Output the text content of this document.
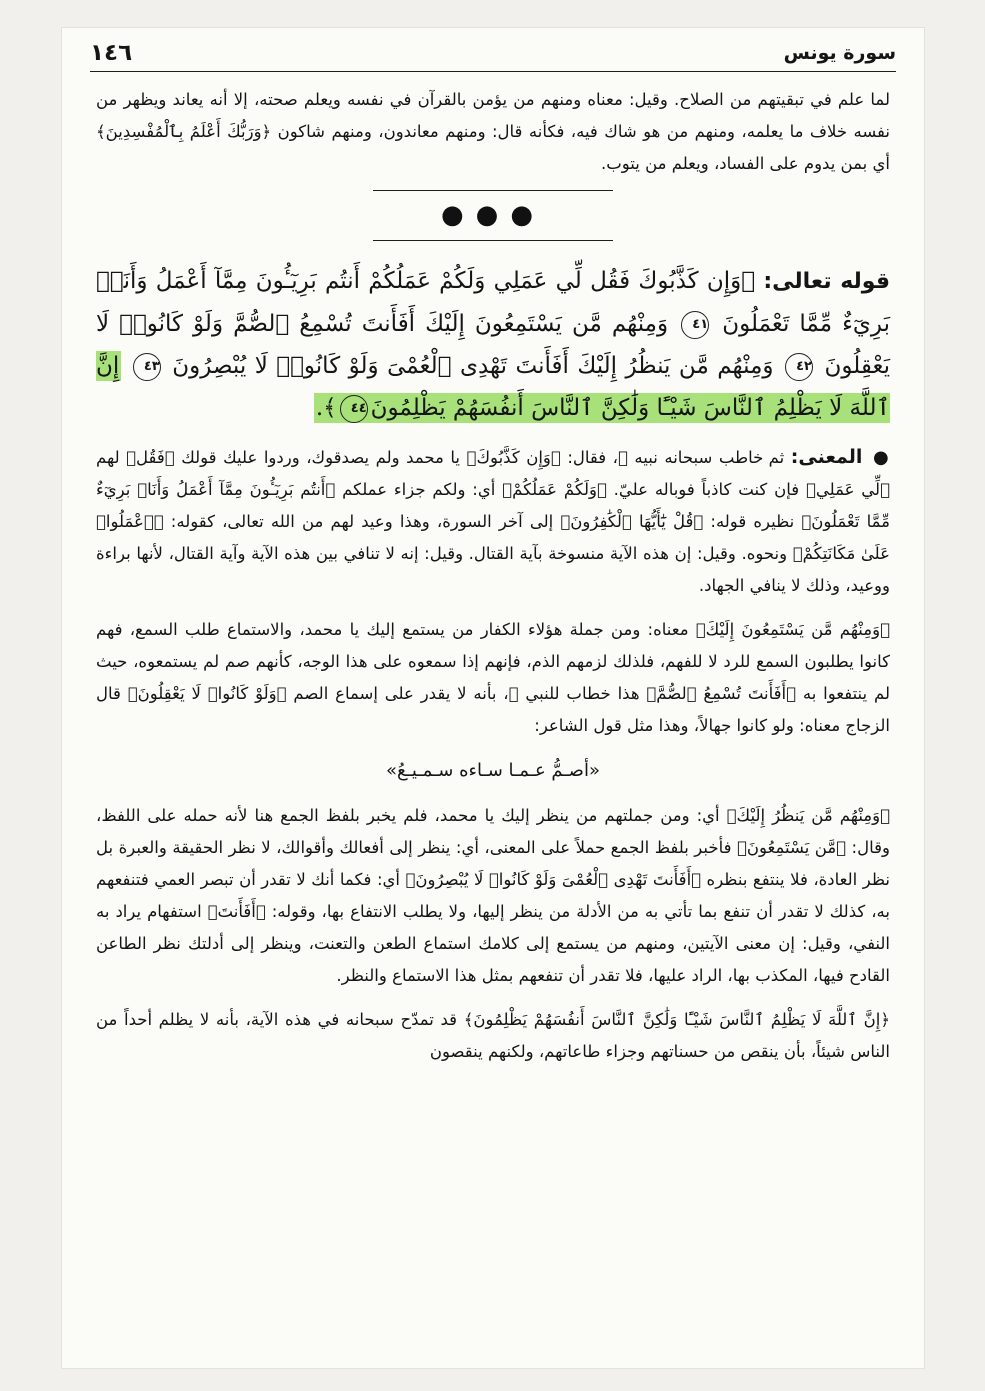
سورة يونس
١٤٦

لما علم في تبقيتهم من الصلاح. وقيل: معناه ومنهم من يؤمن بالقرآن في نفسه ويعلم صحته، إلا أنه يعاند ويظهر من نفسه خلاف ما يعلمه، ومنهم من هو شاك فيه، فكأنه قال: ومنهم معاندون، ومنهم شاكون ﴿وَرَبُّكَ أَعْلَمُ بِٱلْمُفْسِدِينَ﴾ أي بمن يدوم على الفساد، ويعلم من يتوب.

●●●
قوله تعالى: ﴿وَإِن كَذَّبُوكَ فَقُل لِّي عَمَلِي وَلَكُمْ عَمَلُكُمْ أَنتُم بَرِيٓـُٔونَ مِمَّآ أَعْمَلُ وَأَنَا۠ بَرِيٓءٌ مِّمَّا تَعْمَلُونَ ٤١ وَمِنْهُم مَّن يَسْتَمِعُونَ إِلَيْكَ أَفَأَنتَ تُسْمِعُ ٱلصُّمَّ وَلَوْ كَانُوا۟ لَا يَعْقِلُونَ ٤٢ وَمِنْهُم مَّن يَنظُرُ إِلَيْكَ أَفَأَنتَ تَهْدِى ٱلْعُمْىَ وَلَوْ كَانُوا۟ لَا يُبْصِرُونَ ٤٣ إِنَّ ٱللَّهَ لَا يَظْلِمُ ٱلنَّاسَ شَيْـًٔا وَلَٰكِنَّ ٱلنَّاسَ أَنفُسَهُمْ يَظْلِمُونَ٤٤﴾.

● المعنى: ثم خاطب سبحانه نبيه ﷺ، فقال: ﴿وَإِن كَذَّبُوكَ﴾ يا محمد ولم يصدقوك، وردوا عليك قولك ﴿فَقُل﴾ لهم ﴿لِّي عَمَلِي﴾ فإن كنت كاذباً فوباله عليّ. ﴿وَلَكُمْ عَمَلُكُمْ﴾ أي: ولكم جزاء عملكم ﴿أَنتُم بَرِيٓـُٔونَ مِمَّآ أَعْمَلُ وَأَنَا۠ بَرِيٓءٌ مِّمَّا تَعْمَلُونَ﴾ نظيره قوله: ﴿قُلْ يَٰٓأَيُّهَا ٱلْكَٰفِرُونَ﴾ إلى آخر السورة، وهذا وعيد لهم من الله تعالى، كقوله: ﴿ٱعْمَلُوا۟ عَلَىٰ مَكَانَتِكُمْ﴾ ونحوه. وقيل: إن هذه الآية منسوخة بآية القتال. وقيل: إنه لا تنافي بين هذه الآية وآية القتال، لأنها براءة ووعيد، وذلك لا ينافي الجهاد.

﴿وَمِنْهُم مَّن يَسْتَمِعُونَ إِلَيْكَ﴾ معناه: ومن جملة هؤلاء الكفار من يستمع إليك يا محمد، والاستماع طلب السمع، فهم كانوا يطلبون السمع للرد لا للفهم، فلذلك لزمهم الذم، فإنهم إذا سمعوه على هذا الوجه، كأنهم صم لم يستمعوه، حيث لم ينتفعوا به ﴿أَفَأَنتَ تُسْمِعُ ٱلصُّمَّ﴾ هذا خطاب للنبي ﷺ، بأنه لا يقدر على إسماع الصم ﴿وَلَوْ كَانُوا۟ لَا يَعْقِلُونَ﴾ قال الزجاج معناه: ولو كانوا جهالاً، وهذا مثل قول الشاعر:

«أصـمُّ عـمـا سـاءه سـمـيـعُ»

﴿وَمِنْهُم مَّن يَنظُرُ إِلَيْكَ﴾ أي: ومن جملتهم من ينظر إليك يا محمد، فلم يخبر بلفظ الجمع هنا لأنه حمله على اللفظ، وقال: ﴿مَّن يَسْتَمِعُونَ﴾ فأخبر بلفظ الجمع حملاً على المعنى، أي: ينظر إلى أفعالك وأقوالك، لا نظر الحقيقة والعبرة بل نظر العادة، فلا ينتفع بنظره ﴿أَفَأَنتَ تَهْدِى ٱلْعُمْىَ وَلَوْ كَانُوا۟ لَا يُبْصِرُونَ﴾ أي: فكما أنك لا تقدر أن تبصر العمي فتنفعهم به، كذلك لا تقدر أن تنفع بما تأتي به من الأدلة من ينظر إليها، ولا يطلب الانتفاع بها، وقوله: ﴿أَفَأَنتَ﴾ استفهام يراد به النفي، وقيل: إن معنى الآيتين، ومنهم من يستمع إلى كلامك استماع الطعن والتعنت، وينظر إلى أدلتك نظر الطاعن القادح فيها، المكذب بها، الراد عليها، فلا تقدر أن تنفعهم بمثل هذا الاستماع والنظر.

﴿إِنَّ ٱللَّهَ لَا يَظْلِمُ ٱلنَّاسَ شَيْـًٔا وَلَٰكِنَّ ٱلنَّاسَ أَنفُسَهُمْ يَظْلِمُونَ﴾ قد تمدّح سبحانه في هذه الآية، بأنه لا يظلم أحداً من الناس شيئاً، بأن ينقص من حسناتهم وجزاء طاعاتهم، ولكنهم ينقصون
